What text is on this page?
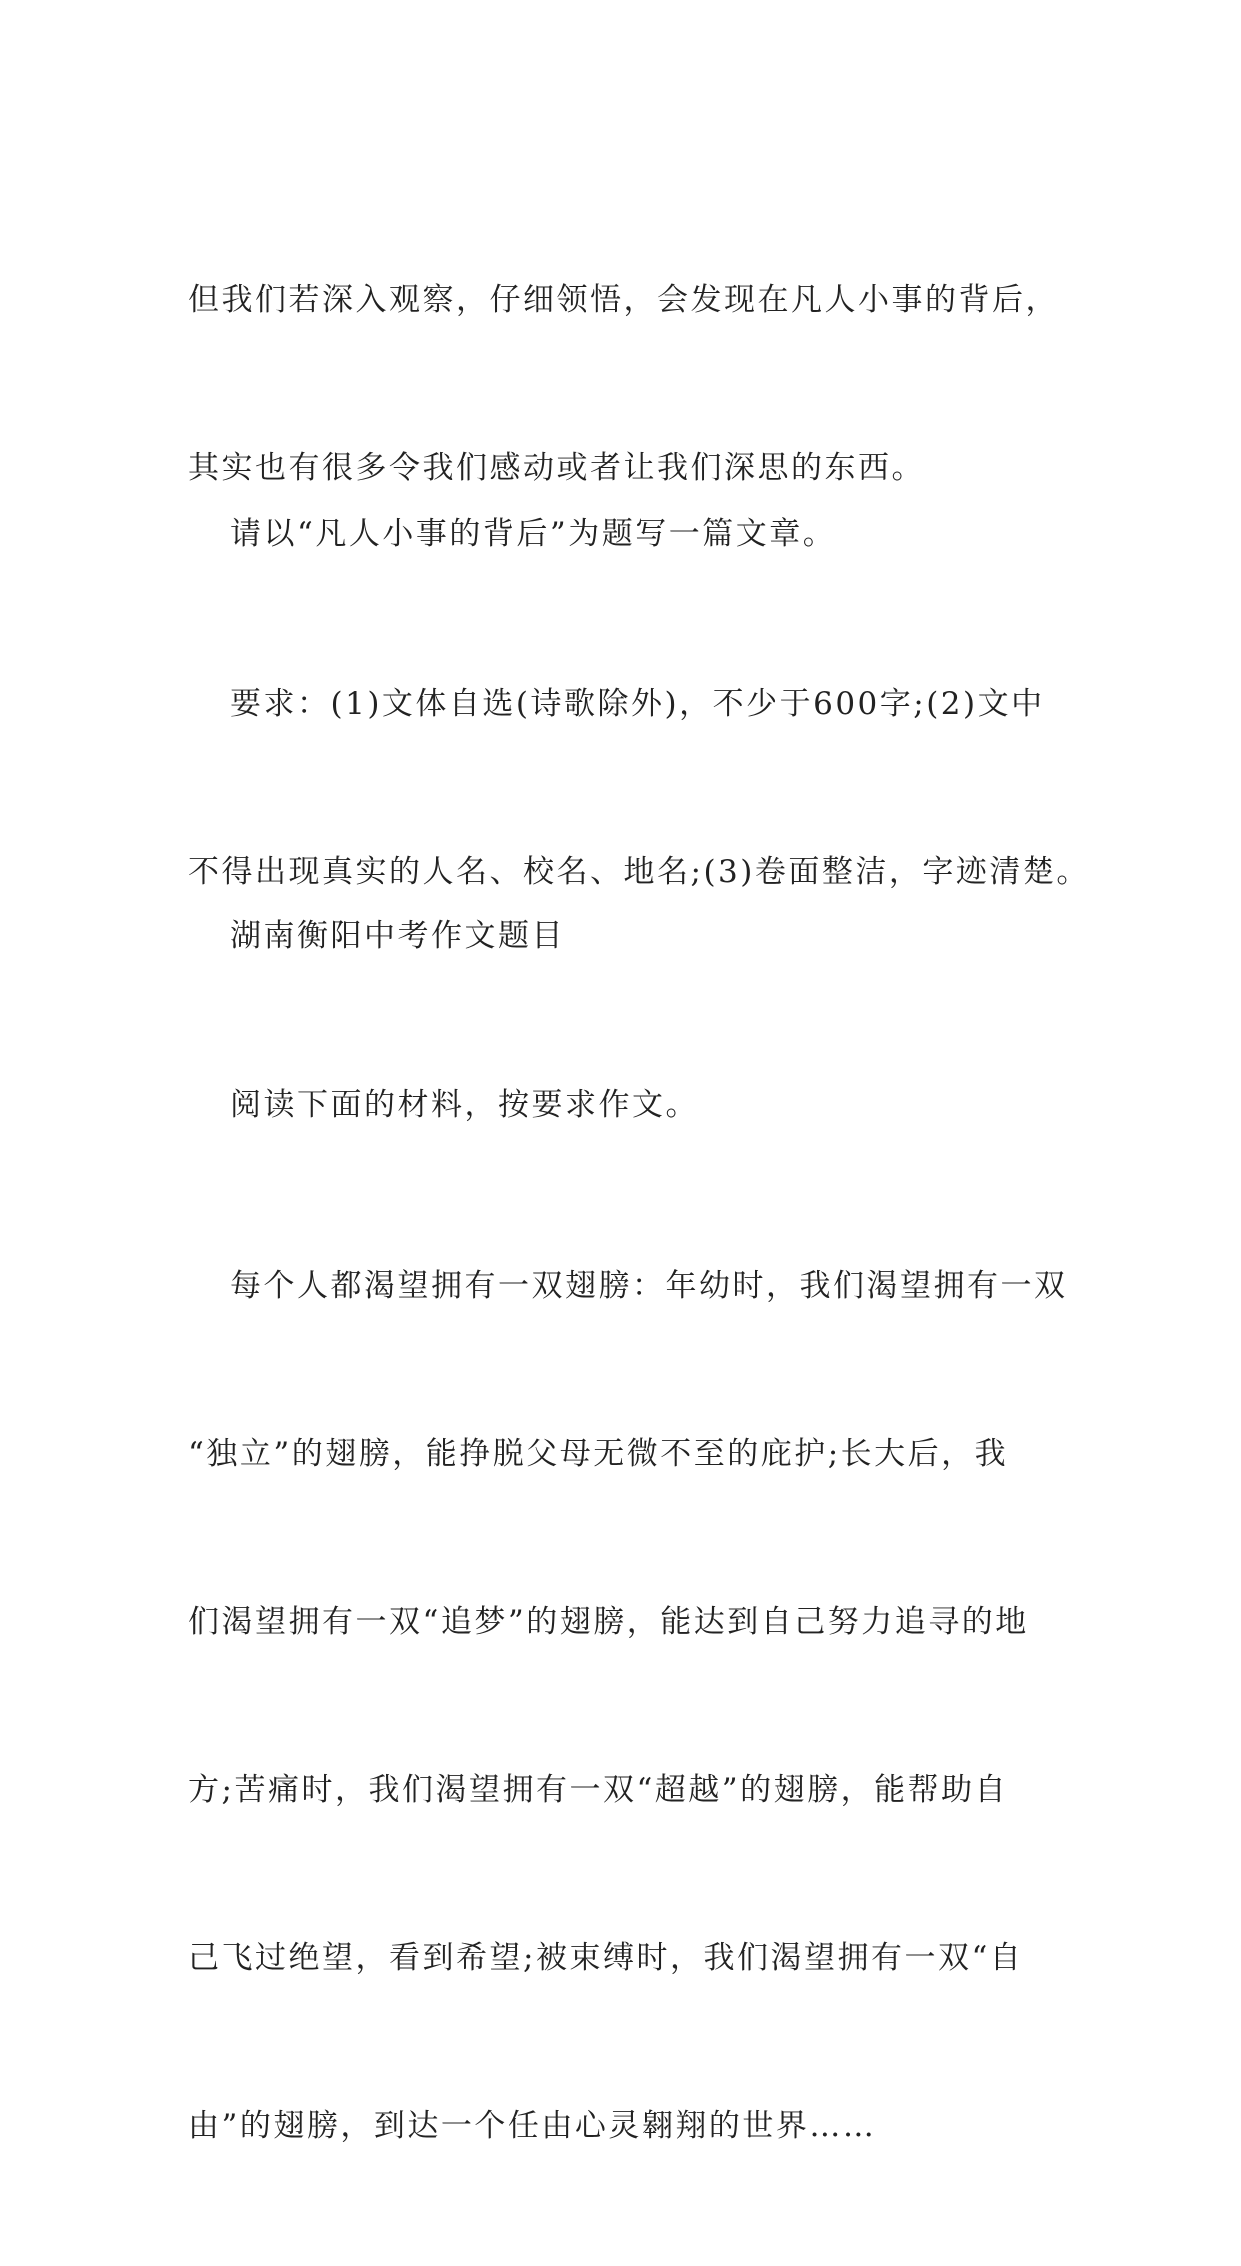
但我们若深入观察，仔细领悟，会发现在凡人小事的背后，

其实也有很多令我们感动或者让我们深思的东西。

请以“凡人小事的背后”为题写一篇文章。

要求：(1)文体自选(诗歌除外)，不少于600字;(2)文中

不得出现真实的人名、校名、地名;(3)卷面整洁，字迹清楚。

湖南衡阳中考作文题目

阅读下面的材料，按要求作文。

每个人都渴望拥有一双翅膀：年幼时，我们渴望拥有一双

“独立”的翅膀，能挣脱父母无微不至的庇护;长大后，我

们渴望拥有一双“追梦”的翅膀，能达到自己努力追寻的地

方;苦痛时，我们渴望拥有一双“超越”的翅膀，能帮助自

己飞过绝望，看到希望;被束缚时，我们渴望拥有一双“自

由”的翅膀，到达一个任由心灵翱翔的世界……
